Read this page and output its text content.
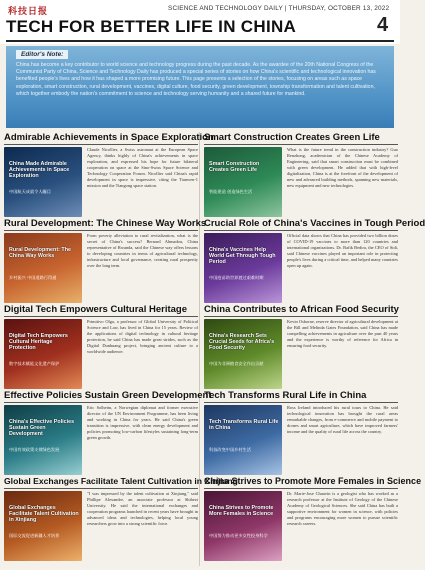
科技日报	SCIENCE AND TECHNOLOGY DAILY | THURSDAY, OCTOBER 13, 2022
TECH FOR BETTER LIFE IN CHINA	4
Editor's Note:
China has become a key contributor to world science and technology progress during the past decade. As the awardee of the 20th National Congress of the Communist Party of China, Science and Technology Daily has produced a special series of stories on how China's scientific and technological innovation has benefited people's lives and how it has shaped a more promising future. This page presents a selection of the stories, focusing on areas such as space exploration, smart construction, rural development, vaccines, digital culture, food security, green development, township transformation and talent cultivation, which together embody the nation's commitment to science and technology serving humanity and a shared future for mankind.
Admirable Achievements in Space Exploration
China Made Admirable Achievements in Space Exploration
中国航天成就令人瞩目
Claude Nicollier, a Swiss astronaut at the European Space Agency, thinks highly of China's achievements in space exploration, and expressed his hope for future bilateral cooperation on space at the Sino-Swiss Space Science and Technology Cooperation Forum. Nicollier said China's rapid development in space is impressive, citing the Tianwen-1 mission and the Tiangong space station.
Smart Construction Creates Green Life
Smart Construction Creates Green Life
智能建造 创造绿色生活
What is the future trend in the construction industry? Guo Renzhong, academician of the Chinese Academy of Engineering, said that smart construction must be combined with green development. He added that with high-level digitalization, China is at the forefront of the development of new and advanced building methods, spanning new materials, new equipment and new technologies.
Rural Development: The Chinese Way Works
Rural Development: The China Way Works
乡村振兴 中国道路行得通
From poverty alleviation to rural revitalization, what is the secret of China's success? Bernard Ahmadou, China representative of Rwanda, said the Chinese way offers lessons to developing countries in terms of agricultural technology, infrastructure and local governance, creating rural prosperity over the long term.
Crucial Role of China's Vaccines in Tough Period
China's Vaccines Help World Get Through Tough Period
中国疫苗助世界渡过艰难时期
Official data shows that China has provided two billion doses of COVID-19 vaccines to more than 120 countries and international organizations. Dr. Rafik Bedira, the CEO of Sidi, said Chinese vaccines played an important role in protecting people's lives during a critical time, and helped many countries open up again.
Digital Tech Empowers Cultural Heritage
Digital Tech Empowers Cultural Heritage Protection
数字技术赋能文化遗产保护
Primitivo Olga, a professor of Global University of Political Science and Law, has lived in China for 15 years. Review of the applications of digital technology in cultural heritage protection, he said China has made great strides, such as the Digital Dunhuang project, bringing ancient culture to a worldwide audience.
China Contributes to African Food Security
China's Research Sets Crucial Seeds for Africa's Food Security
中国为非洲粮食安全作出贡献
Kevin Osborne, reserve director of agricultural development at the Bill and Melinda Gates Foundation, said China has made compelling achievements in agriculture over the past 40 years and the experience is worthy of reference for Africa in ensuring food security.
Effective Policies Sustain Green Development
China's Effective Policies Sustain Green Development
中国有效政策支撑绿色发展
Eric Solheim, a Norwegian diplomat and former executive director of the UN Environment Programme, has been living and working in China for years. He said China's green transition is impressive, with clean energy development and policies promoting low-carbon lifestyles sustaining long-term green growth.
Tech Transforms Rural Life in China
Tech Transforms Rural Life in China
科技改变中国乡村生活
Ross Ireland introduced his rural tours to China. He said technological innovation has brought the rural areas remarkable changes, from e-commerce and mobile payment to drones and smart agriculture, which have improved farmers' income and the quality of rural life across the country.
Global Exchanges Facilitate Talent Cultivation in Xinjiang
Global Exchanges Facilitate Talent Cultivation in Xinjiang
国际交流促进新疆人才培养
"I was impressed by the talent cultivation at Xinjiang," said Phillipe Alexandre, an associate professor at Shihezi University. He said the international exchanges and cooperation programs launched in recent years have brought in advanced ideas and technologies, helping local young researchers grow into a strong scientific force.
China Strives to Promote More Females in Science
China Strives to Promote More Females in Science
中国努力推动更多女性投身科学
Dr. Marie-Jose Chauvin is a geologist who has worked as a research professor at the Institute of Geology of the Chinese Academy of Geological Sciences. She said China has built a supportive environment for women in science, with policies and programs encouraging more women to pursue scientific research careers.
